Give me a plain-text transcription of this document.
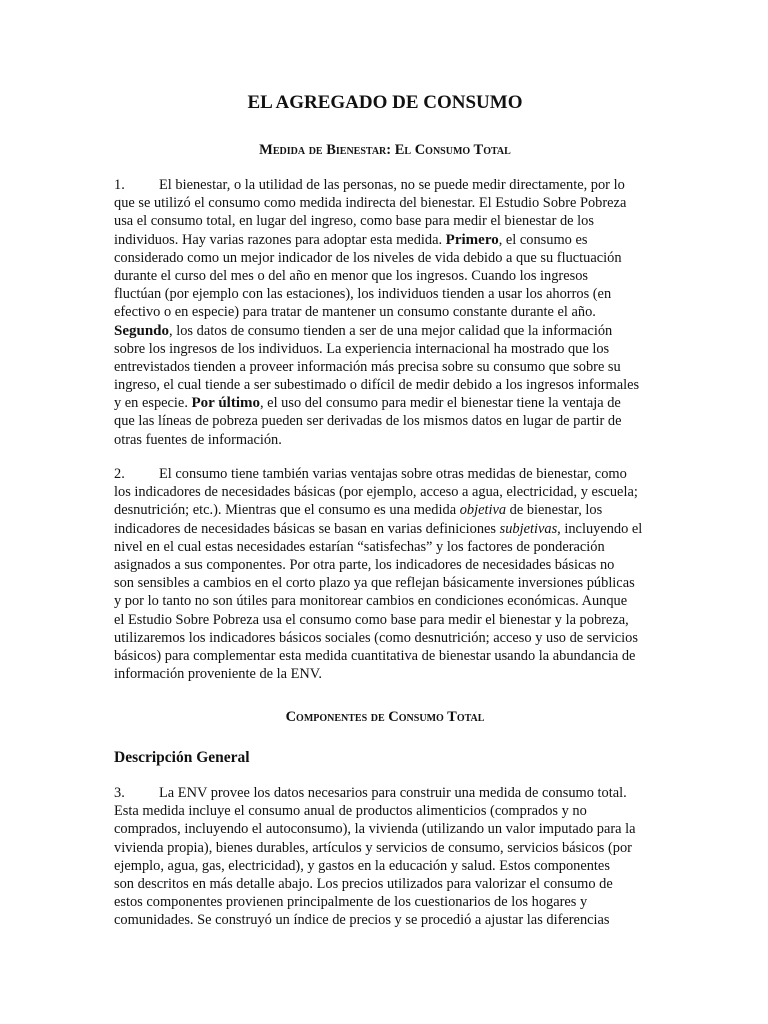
EL AGREGADO DE CONSUMO
Medida de Bienestar: El Consumo Total
1. El bienestar, o la utilidad de las personas, no se puede medir directamente, por lo
que se utilizó el consumo como medida indirecta del bienestar. El Estudio Sobre Pobreza
usa el consumo total, en lugar del ingreso, como base para medir el bienestar de los
individuos. Hay varias razones para adoptar esta medida. Primero, el consumo es
considerado como un mejor indicador de los niveles de vida debido a que su fluctuación
durante el curso del mes o del año en menor que los ingresos. Cuando los ingresos
fluctúan (por ejemplo con las estaciones), los individuos tienden a usar los ahorros (en
efectivo o en especie) para tratar de mantener un consumo constante durante el año.
Segundo, los datos de consumo tienden a ser de una mejor calidad que la información
sobre los ingresos de los individuos. La experiencia internacional ha mostrado que los
entrevistados tienden a proveer información más precisa sobre su consumo que sobre su
ingreso, el cual tiende a ser subestimado o difícil de medir debido a los ingresos informales
y en especie. Por último, el uso del consumo para medir el bienestar tiene la ventaja de
que las líneas de pobreza pueden ser derivadas de los mismos datos en lugar de partir de
otras fuentes de información.
2. El consumo tiene también varias ventajas sobre otras medidas de bienestar, como
los indicadores de necesidades básicas (por ejemplo, acceso a agua, electricidad, y escuela;
desnutrición; etc.). Mientras que el consumo es una medida objetiva de bienestar, los
indicadores de necesidades básicas se basan en varias definiciones subjetivas, incluyendo el
nivel en el cual estas necesidades estarían “satisfechas” y los factores de ponderación
asignados a sus componentes. Por otra parte, los indicadores de necesidades básicas no
son sensibles a cambios en el corto plazo ya que reflejan básicamente inversiones públicas
y por lo tanto no son útiles para monitorear cambios en condiciones económicas. Aunque
el Estudio Sobre Pobreza usa el consumo como base para medir el bienestar y la pobreza,
utilizaremos los indicadores básicos sociales (como desnutrición; acceso y uso de servicios
básicos) para complementar esta medida cuantitativa de bienestar usando la abundancia de
información proveniente de la ENV.
Componentes de Consumo Total
Descripción General
3. La ENV provee los datos necesarios para construir una medida de consumo total.
Esta medida incluye el consumo anual de productos alimenticios (comprados y no
comprados, incluyendo el autoconsumo), la vivienda (utilizando un valor imputado para la
vivienda propia), bienes durables, artículos y servicios de consumo, servicios básicos (por
ejemplo, agua, gas, electricidad), y gastos en la educación y salud. Estos componentes
son descritos en más detalle abajo. Los precios utilizados para valorizar el consumo de
estos componentes provienen principalmente de los cuestionarios de los hogares y
comunidades. Se construyó un índice de precios y se procedió a ajustar las diferencias
